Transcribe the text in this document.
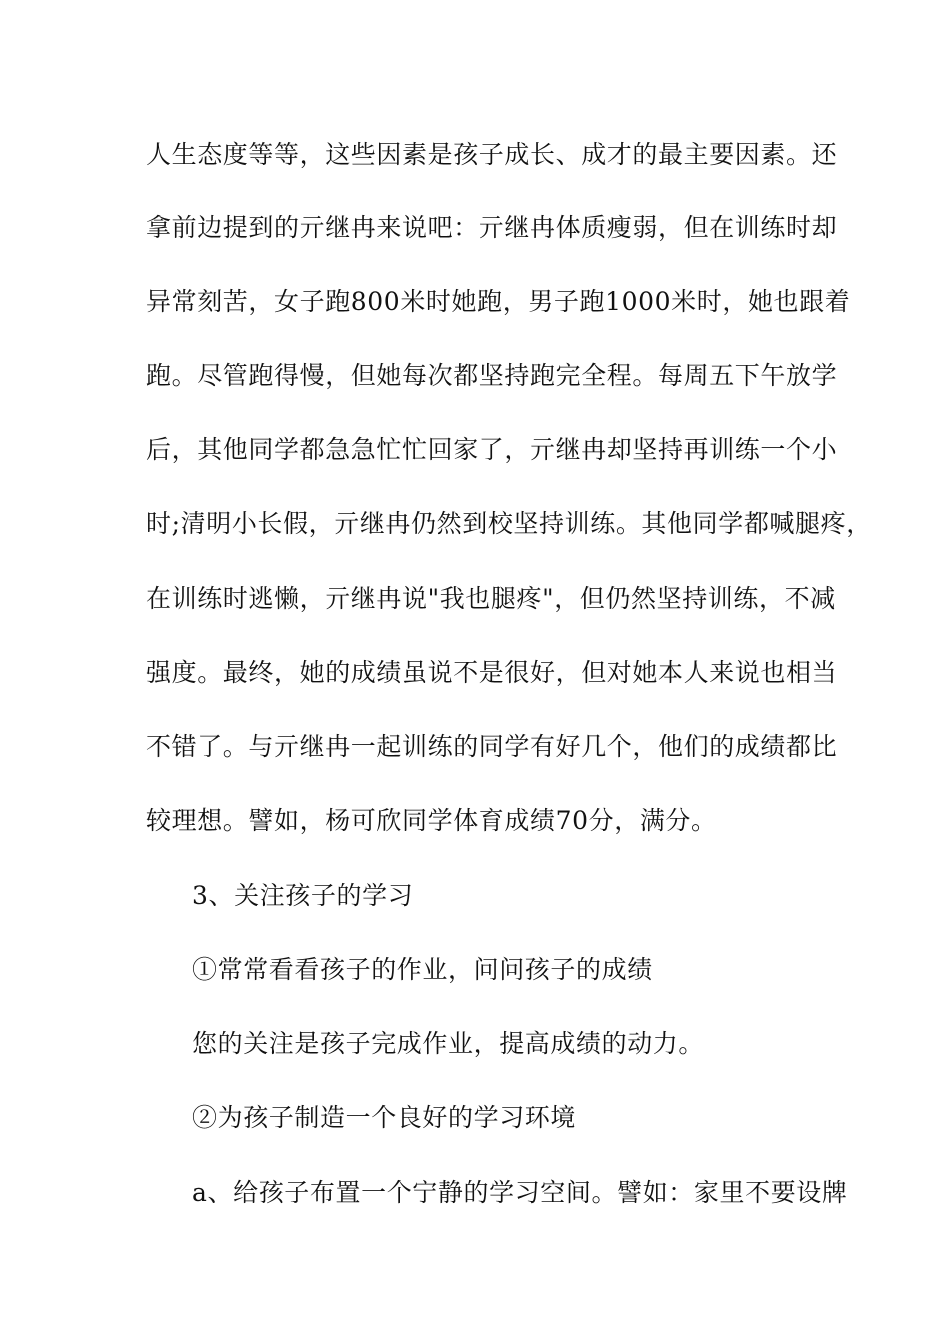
人生态度等等，这些因素是孩子成长、成才的最主要因素。还
拿前边提到的亓继冉来说吧：亓继冉体质瘦弱，但在训练时却
异常刻苦，女子跑800米时她跑，男子跑1000米时，她也跟着
跑。尽管跑得慢，但她每次都坚持跑完全程。每周五下午放学
后，其他同学都急急忙忙回家了，亓继冉却坚持再训练一个小
时;清明小长假，亓继冉仍然到校坚持训练。其他同学都喊腿疼，
在训练时逃懒，亓继冉说"我也腿疼"，但仍然坚持训练，不减
强度。最终，她的成绩虽说不是很好，但对她本人来说也相当
不错了。与亓继冉一起训练的同学有好几个，他们的成绩都比
较理想。譬如，杨可欣同学体育成绩70分，满分。
3、关注孩子的学习
①常常看看孩子的作业，问问孩子的成绩
您的关注是孩子完成作业，提高成绩的动力。
②为孩子制造一个良好的学习环境
a、给孩子布置一个宁静的学习空间。譬如：家里不要设牌
